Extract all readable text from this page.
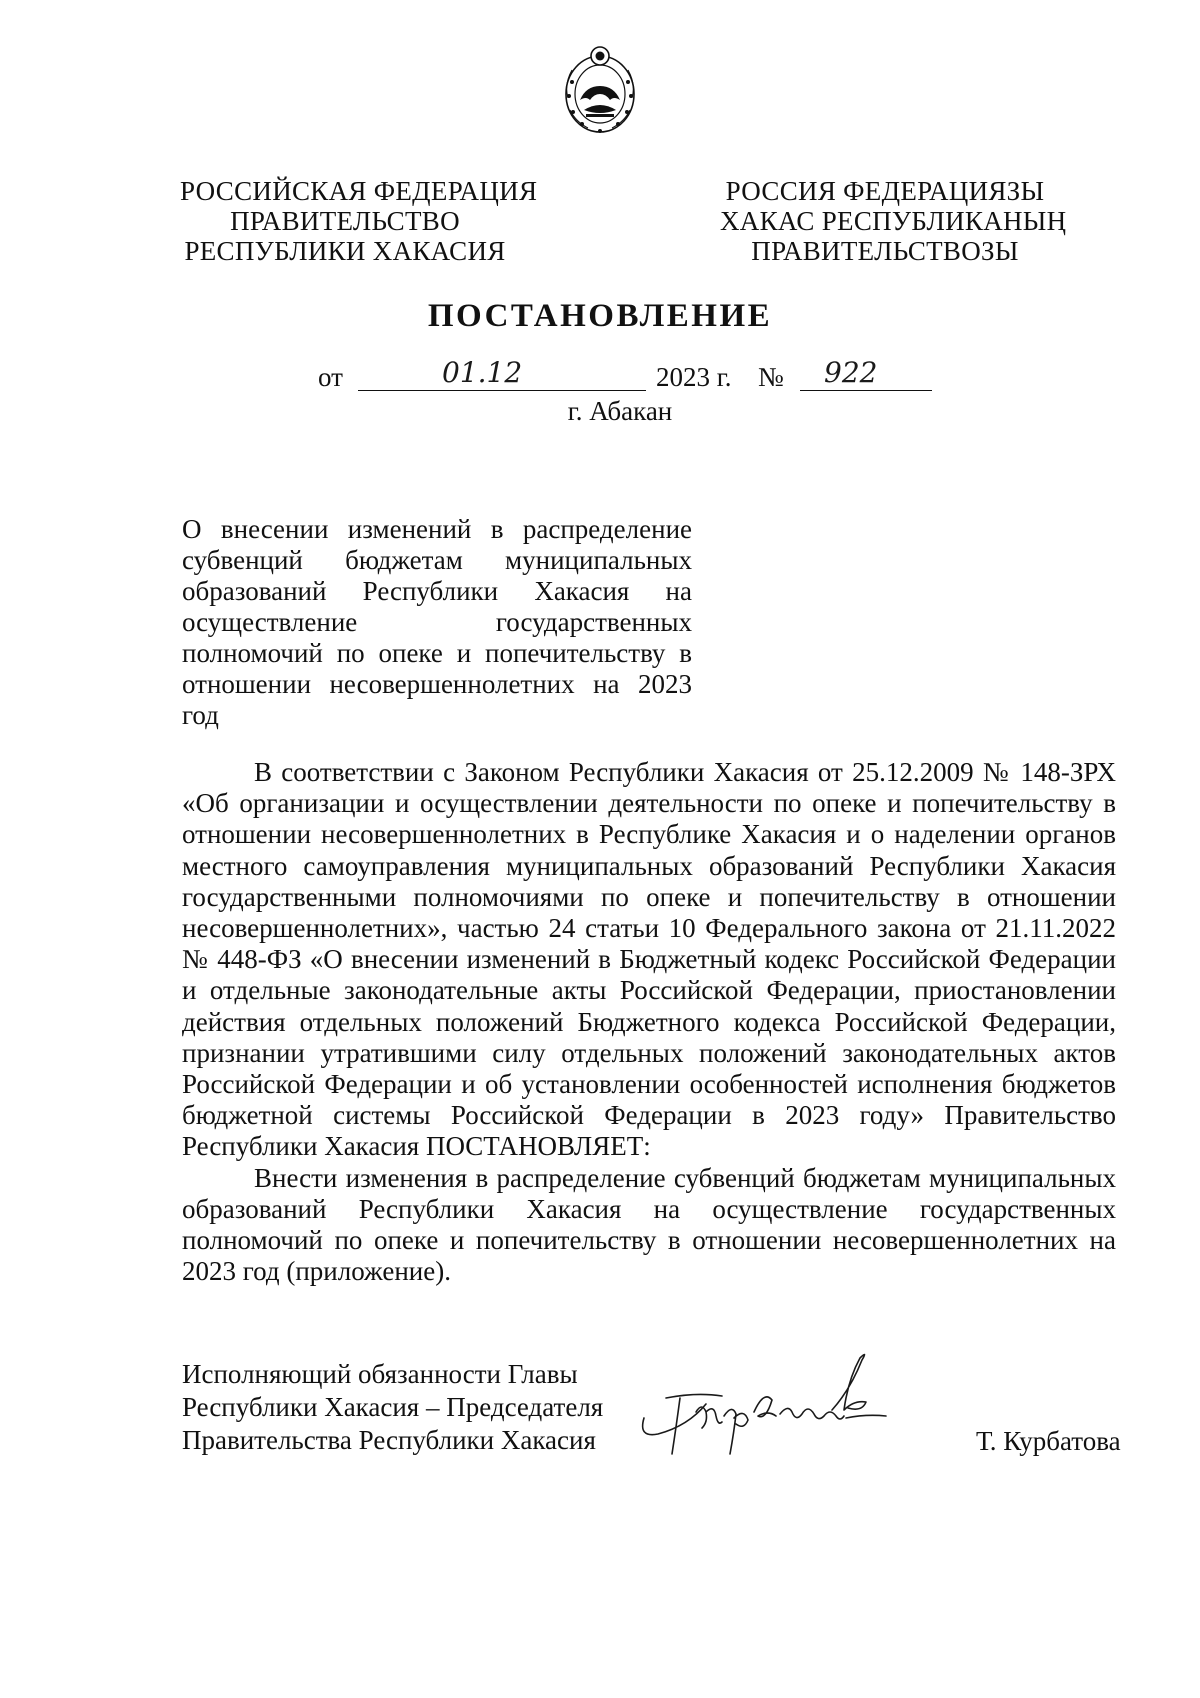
РОССИЙСКАЯ ФЕДЕРАЦИЯ
ПРАВИТЕЛЬСТВО
РЕСПУБЛИКИ ХАКАСИЯ
РОССИЯ ФЕДЕРАЦИЯЗЫ
ХАКАС РЕСПУБЛИКАНЫҢ
ПРАВИТЕЛЬСТВОЗЫ
ПОСТАНОВЛЕНИЕ
от	01.12	2023 г. № 922
г. Абакан
О внесении изменений в распределение субвенций бюджетам муниципальных образований Республики Хакасия на осуществление государственных полномочий по опеке и попечительству в отношении несовершеннолетних на 2023 год

В соответствии с Законом Республики Хакасия от 25.12.2009 № 148-ЗРХ «Об организации и осуществлении деятельности по опеке и попечительству в отношении несовершеннолетних в Республике Хакасия и о наделении органов местного самоуправления муниципальных образований Республики Хакасия государственными полномочиями по опеке и попечительству в отношении несовершеннолетних», частью 24 статьи 10 Федерального закона от 21.11.2022 № 448-ФЗ «О внесении изменений в Бюджетный кодекс Российской Федерации и отдельные законодательные акты Российской Федерации, приостановлении действия отдельных положений Бюджетного кодекса Российской Федерации, признании утратившими силу отдельных положений законодательных актов Российской Федерации и об установлении особенностей исполнения бюджетов бюджетной системы Российской Федерации в 2023 году» Правительство Республики Хакасия ПОСТАНОВЛЯЕТ:

Внести изменения в распределение субвенций бюджетам муниципальных образований Республики Хакасия на осуществление государственных полномочий по опеке и попечительству в отношении несовершеннолетних на 2023 год (приложение).

Исполняющий обязанности Главы
Республики Хакасия – Председателя
Правительства Республики Хакасия	Т. Курбатова
